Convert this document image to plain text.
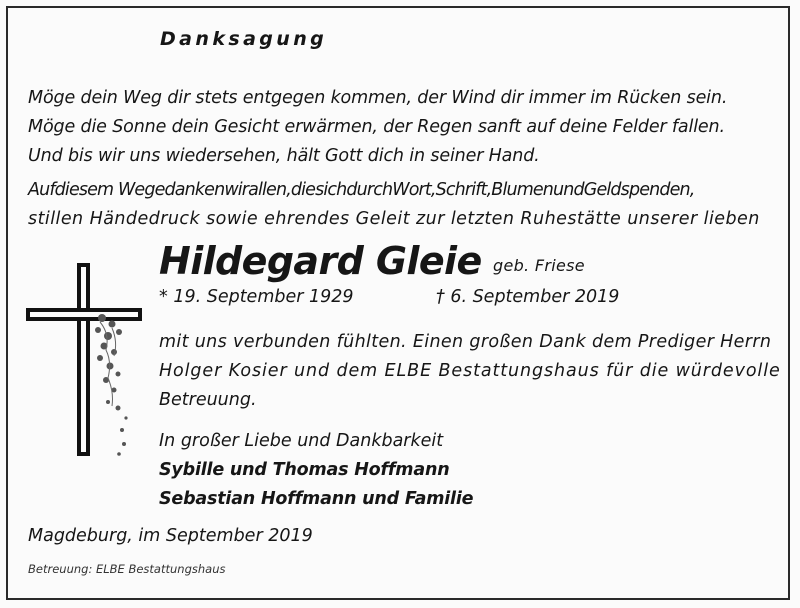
Danksagung
Möge dein Weg dir stets entgegen kommen, der Wind dir immer im Rücken sein.
Möge die Sonne dein Gesicht erwärmen, der Regen sanft auf deine Felder fallen.
Und bis wir uns wiedersehen, hält Gott dich in seiner Hand.
Aufdiesem Wegedankenwirallen,diesichdurchWort,Schrift,BlumenundGeldspenden,
stillen Händedruck sowie ehrendes Geleit zur letzten Ruhestätte unserer lieben
Hildegard Gleie geb. Friese
* 19. September 1929	† 6. September 2019
mit uns verbunden fühlten. Einen großen Dank dem Prediger Herrn
Holger Kosier und dem ELBE Bestattungshaus für die würdevolle
Betreuung.
In großer Liebe und Dankbarkeit
Sybille und Thomas Hoffmann
Sebastian Hoffmann und Familie
Magdeburg, im September 2019
Betreuung: ELBE Bestattungshaus
